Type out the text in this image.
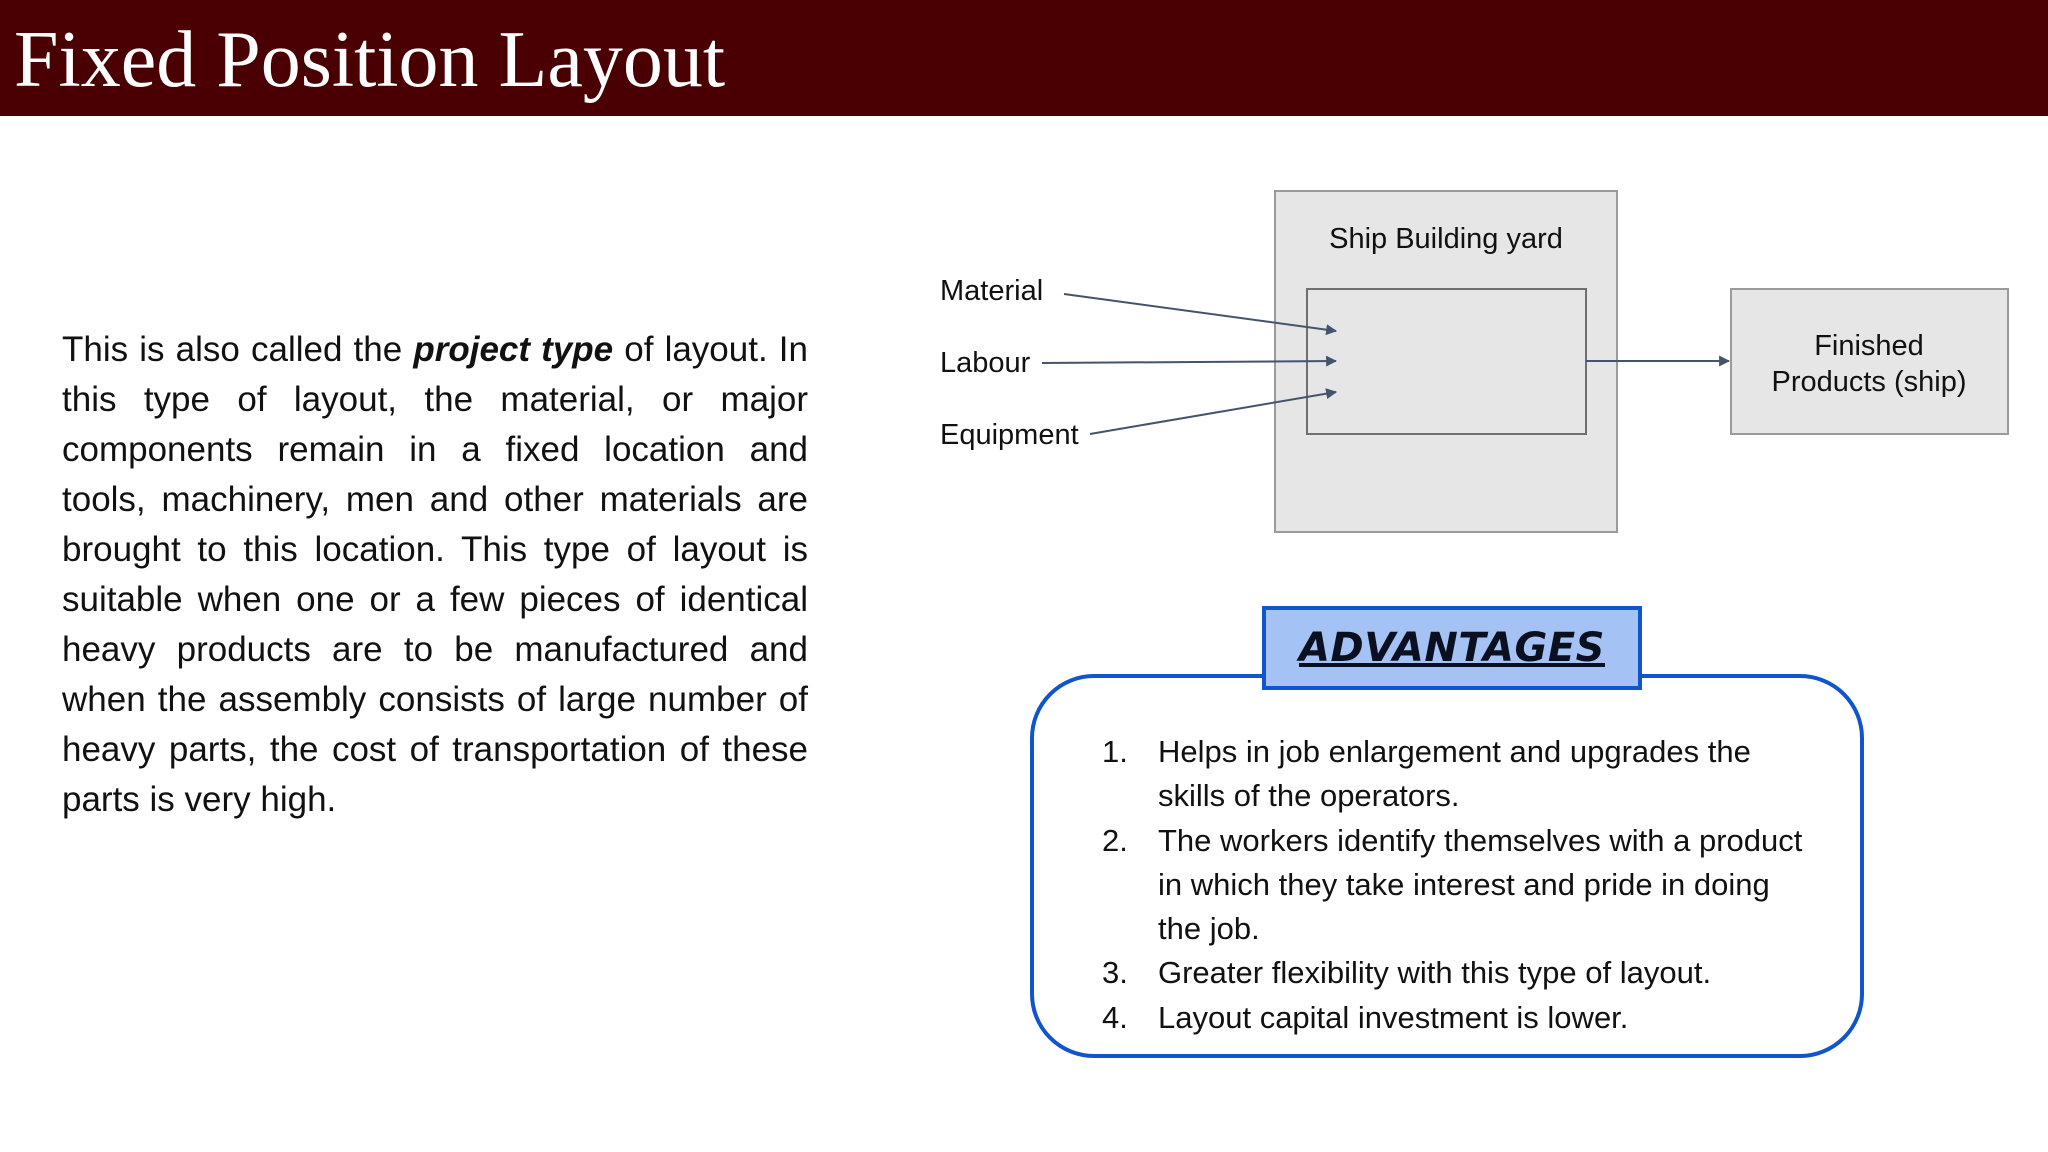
Fixed Position Layout

This is also called the project type of layout. In this type of layout, the material, or major components remain in a fixed location and tools, machinery, men and other materials are brought to this location. This type of layout is suitable when one or a few pieces of identical heavy products are to be manufactured and when the assembly consists of large number of heavy parts, the cost of transportation of these parts is very high.

Ship Building yard
Finished
Products (ship)
Material
Labour
Equipment
ADVANTAGES
1. Helps in job enlargement and upgrades the skills of the operators.
2. The workers identify themselves with a product in which they take interest and pride in doing the job.
3. Greater flexibility with this type of layout.
4. Layout capital investment is lower.
